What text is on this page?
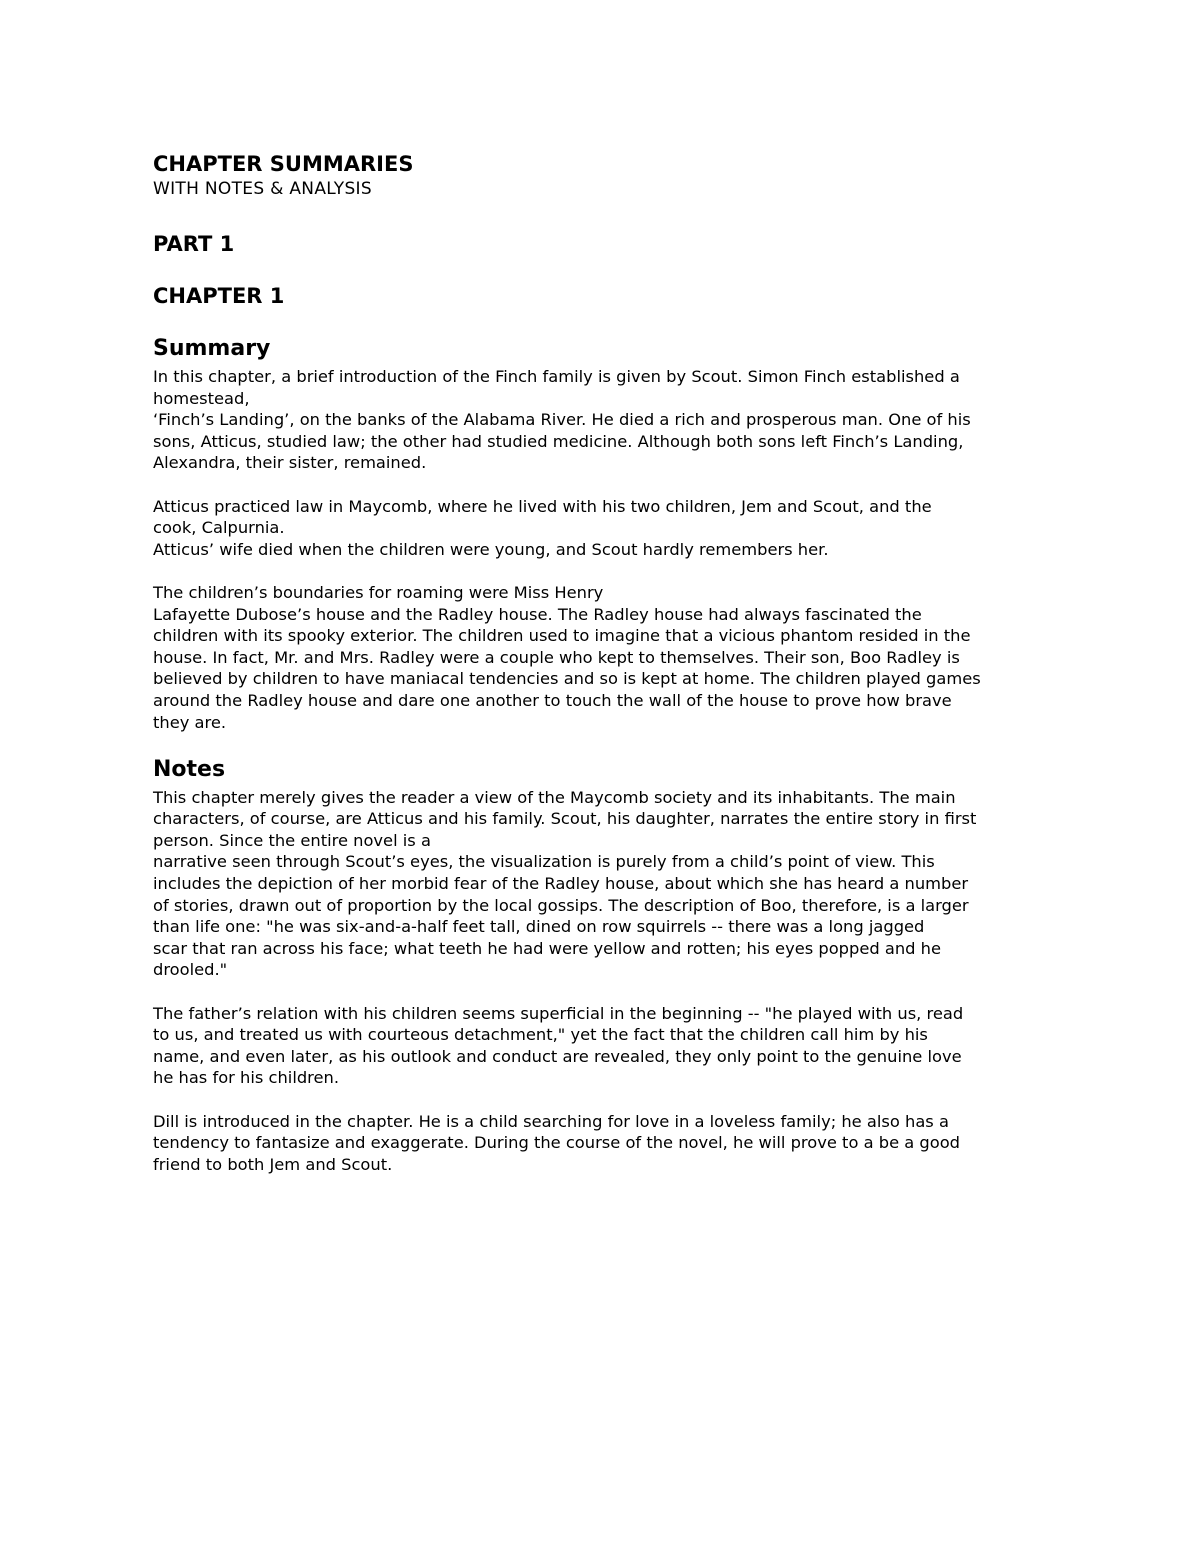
CHAPTER SUMMARIES
WITH NOTES & ANALYSIS
PART 1
CHAPTER 1
Summary

In this chapter, a brief introduction of the Finch family is given by Scout. Simon Finch established a
homestead,
‘Finch’s Landing’, on the banks of the Alabama River. He died a rich and prosperous man. One of his
sons, Atticus, studied law; the other had studied medicine. Although both sons left Finch’s Landing,
Alexandra, their sister, remained.

Atticus practiced law in Maycomb, where he lived with his two children, Jem and Scout, and the
cook, Calpurnia.
Atticus’ wife died when the children were young, and Scout hardly remembers her.

The children’s boundaries for roaming were Miss Henry
Lafayette Dubose’s house and the Radley house. The Radley house had always fascinated the
children with its spooky exterior. The children used to imagine that a vicious phantom resided in the
house. In fact, Mr. and Mrs. Radley were a couple who kept to themselves. Their son, Boo Radley is
believed by children to have maniacal tendencies and so is kept at home. The children played games
around the Radley house and dare one another to touch the wall of the house to prove how brave
they are.

Notes

This chapter merely gives the reader a view of the Maycomb society and its inhabitants. The main
characters, of course, are Atticus and his family. Scout, his daughter, narrates the entire story in first
person. Since the entire novel is a
narrative seen through Scout’s eyes, the visualization is purely from a child’s point of view. This
includes the depiction of her morbid fear of the Radley house, about which she has heard a number
of stories, drawn out of proportion by the local gossips. The description of Boo, therefore, is a larger
than life one: "he was six-and-a-half feet tall, dined on row squirrels -- there was a long jagged
scar that ran across his face; what teeth he had were yellow and rotten; his eyes popped and he
drooled."

The father’s relation with his children seems superficial in the beginning -- "he played with us, read
to us, and treated us with courteous detachment," yet the fact that the children call him by his
name, and even later, as his outlook and conduct are revealed, they only point to the genuine love
he has for his children.

Dill is introduced in the chapter. He is a child searching for love in a loveless family; he also has a
tendency to fantasize and exaggerate. During the course of the novel, he will prove to a be a good
friend to both Jem and Scout.
